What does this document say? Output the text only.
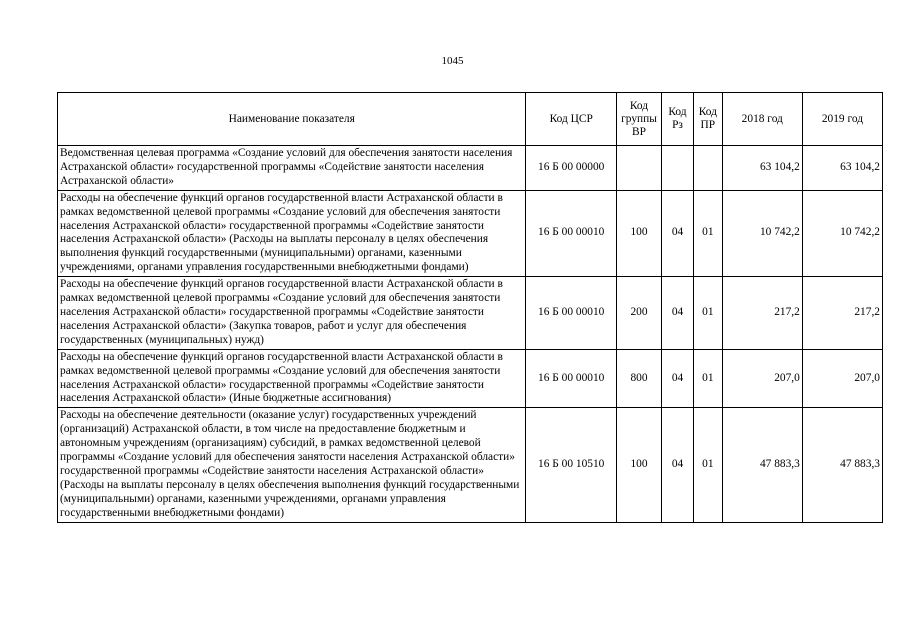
1045
Наименование показателя	Код ЦСР	Код группы ВР	Код Рз	Код ПР	2018 год	2019 год
Ведомственная целевая программа «Создание условий для обеспечения занятости населения Астраханской области» государственной программы «Содействие занятости населения Астраханской области»	16 Б 00 00000				63 104,2	63 104,2
Расходы на обеспечение функций органов государственной власти Астраханской области в рамках ведомственной целевой программы «Создание условий для обеспечения занятости населения Астраханской области» государственной программы «Содействие занятости населения Астраханской области» (Расходы на выплаты персоналу в целях обеспечения выполнения функций государственными (муниципальными) органами, казенными учреждениями, органами управления государственными внебюджетными фондами)	16 Б 00 00010	100	04	01	10 742,2	10 742,2
Расходы на обеспечение функций органов государственной власти Астраханской области в рамках ведомственной целевой программы «Создание условий для обеспечения занятости населения Астраханской области» государственной программы «Содействие занятости населения Астраханской области» (Закупка товаров, работ и услуг для обеспечения государственных (муниципальных) нужд)	16 Б 00 00010	200	04	01	217,2	217,2
Расходы на обеспечение функций органов государственной власти Астраханской области в рамках ведомственной целевой программы «Создание условий для обеспечения занятости населения Астраханской области» государственной программы «Содействие занятости населения Астраханской области» (Иные бюджетные ассигнования)	16 Б 00 00010	800	04	01	207,0	207,0
Расходы на обеспечение деятельности (оказание услуг) государственных учреждений (организаций) Астраханской области, в том числе на предоставление бюджетным и автономным учреждениям (организациям) субсидий, в рамках ведомственной целевой программы «Создание условий для обеспечения занятости населения Астраханской области» государственной программы «Содействие занятости населения Астраханской области» (Расходы на выплаты персоналу в целях обеспечения выполнения функций государственными (муниципальными) органами, казенными учреждениями, органами управления государственными внебюджетными фондами)	16 Б 00 10510	100	04	01	47 883,3	47 883,3
